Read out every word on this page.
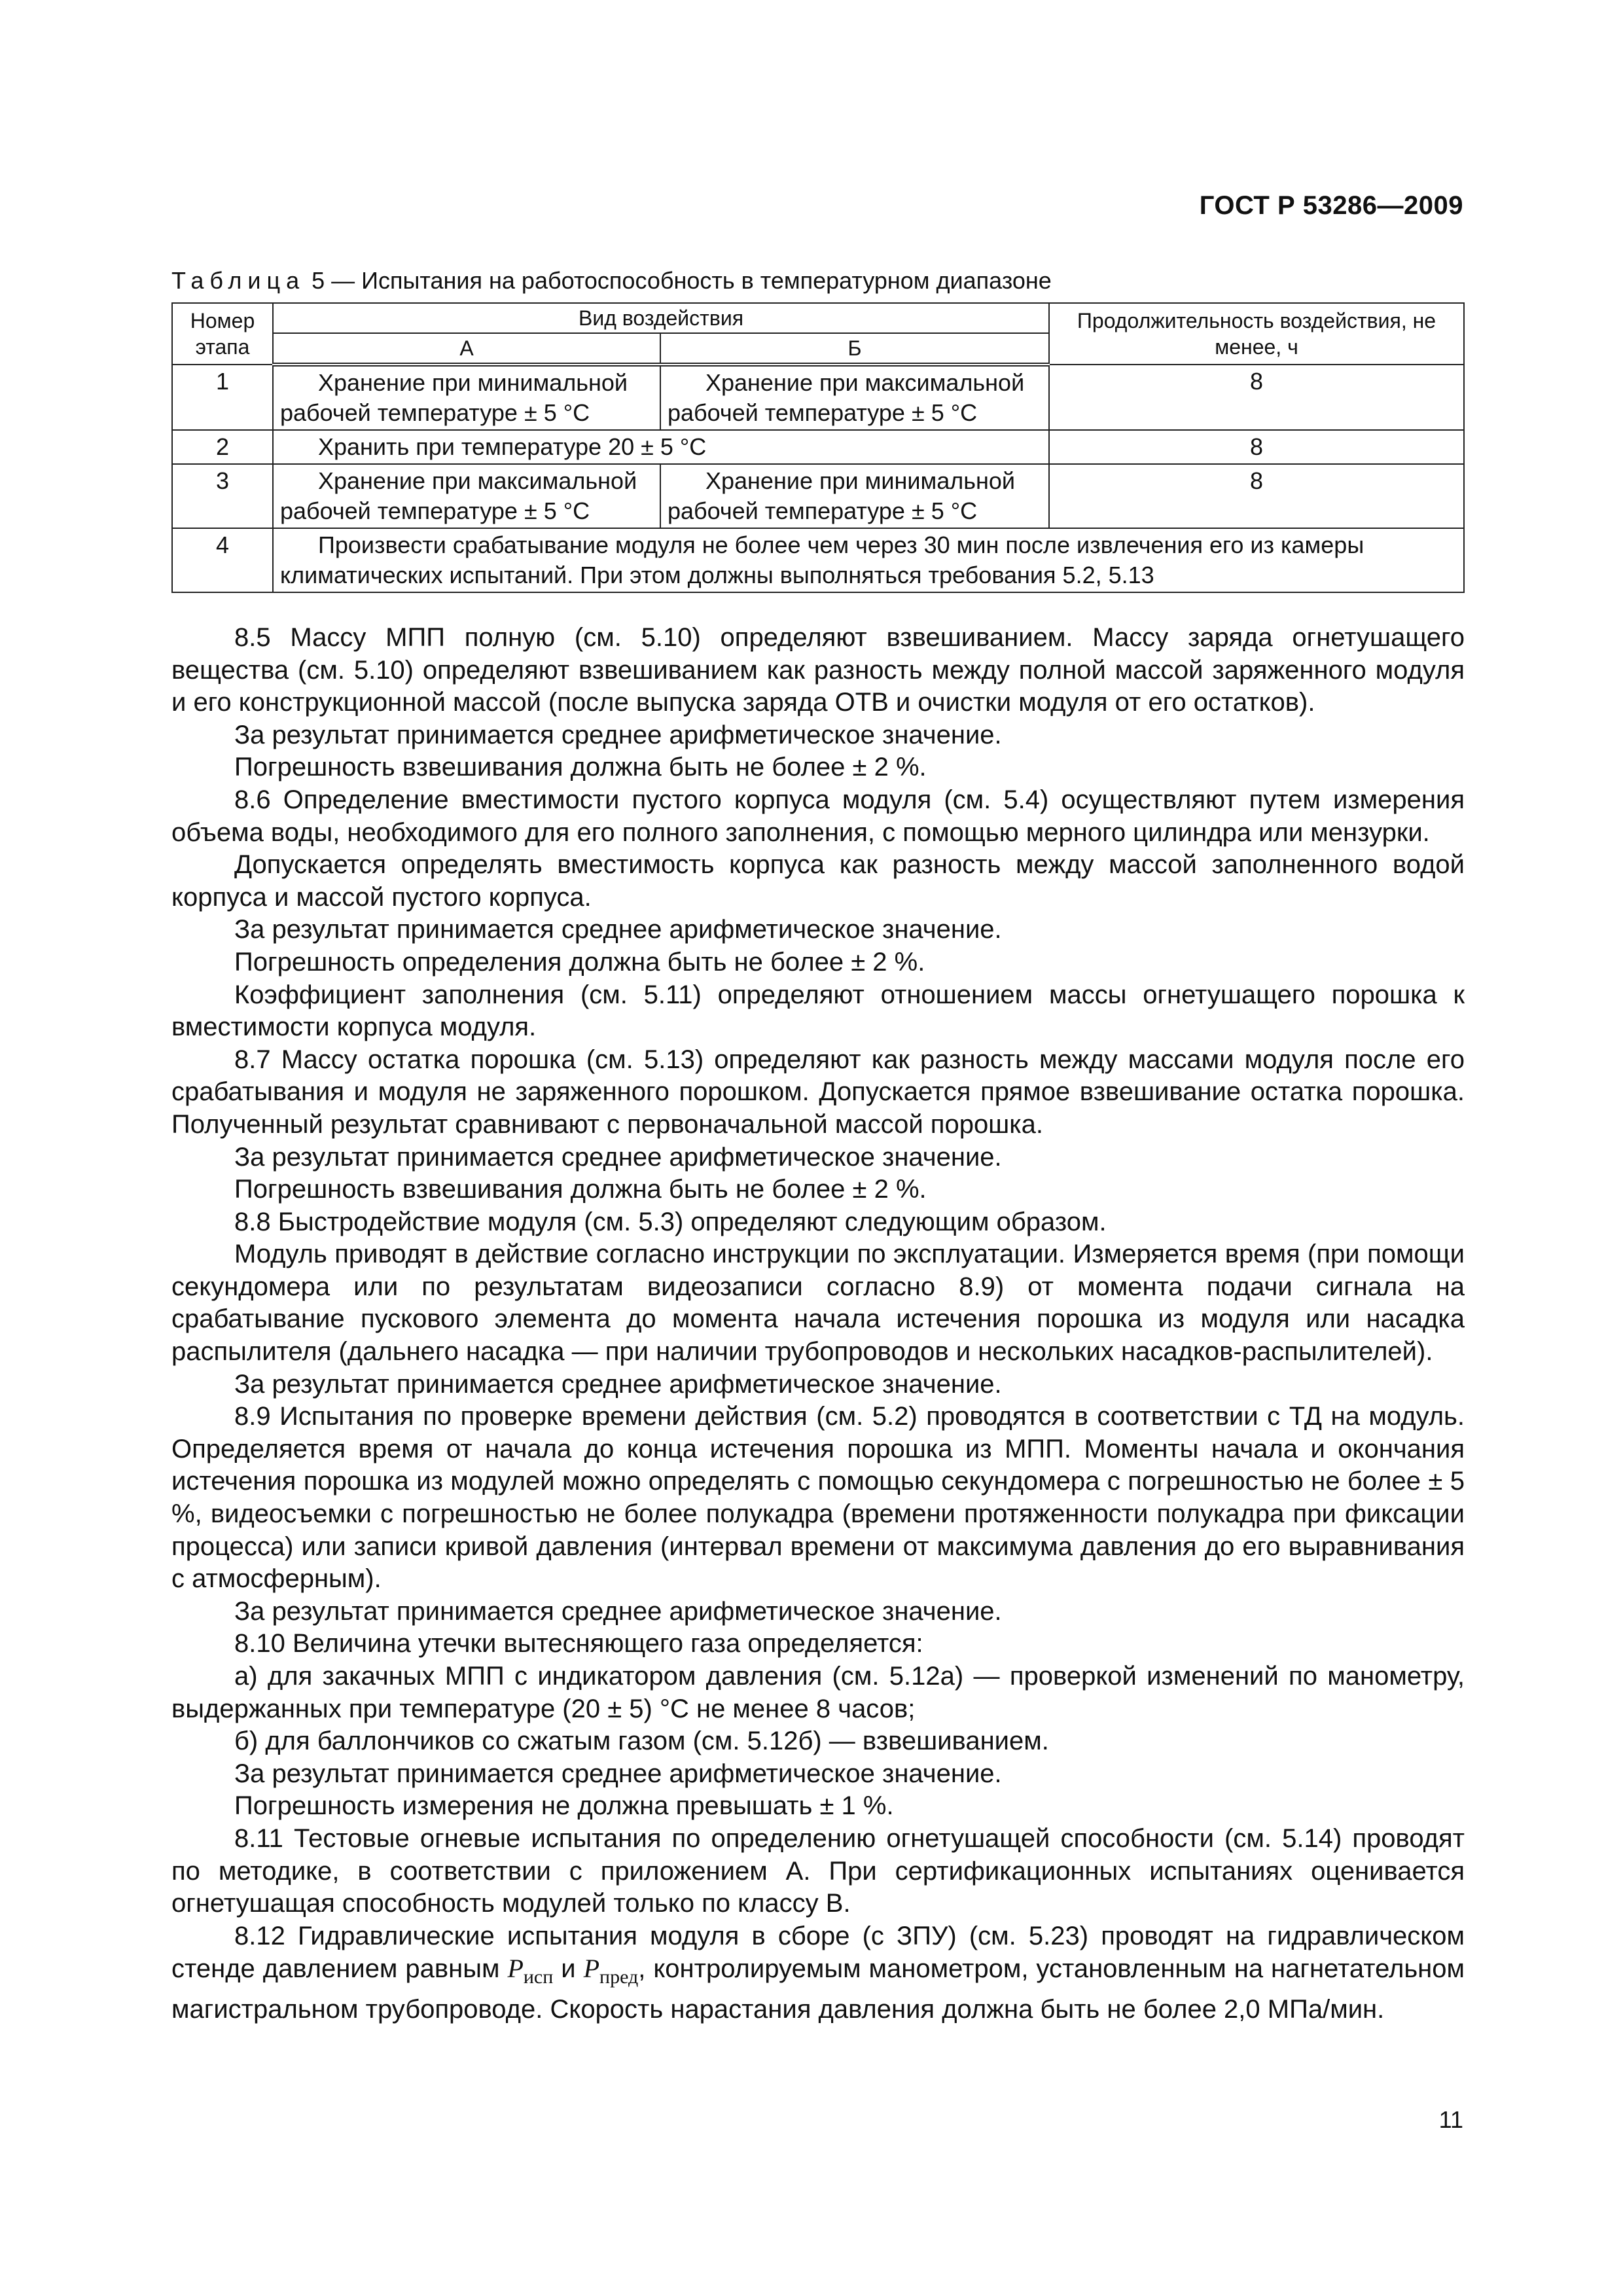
ГОСТ Р 53286—2009
Таблица 5 — Испытания на работоспособность в температурном диапазоне
Номер этапа	Вид воздействия		Продолжительность воздействия, не менее, ч
	А	Б	
1	Хранение при минимальной рабочей температуре ± 5 °С	Хранение при максимальной рабочей температуре ± 5 °С	8
2	Хранить при температуре 20 ± 5 °С		8
3	Хранение при максимальной рабочей температуре ± 5 °С	Хранение при минимальной рабочей температуре ± 5 °С	8
4	Произвести срабатывание модуля не более чем через 30 мин после извлечения его из камеры климатических испытаний. При этом должны выполняться требования 5.2, 5.13		

8.5 Массу МПП полную (см. 5.10) определяют взвешиванием. Массу заряда огнетушащего вещества (см. 5.10) определяют взвешиванием как разность между полной массой заряженного модуля и его конструкционной массой (после выпуска заряда ОТВ и очистки модуля от его остатков).

За результат принимается среднее арифметическое значение.

Погрешность взвешивания должна быть не более ± 2 %.

8.6 Определение вместимости пустого корпуса модуля (см. 5.4) осуществляют путем измерения объема воды, необходимого для его полного заполнения, с помощью мерного цилиндра или мензурки.

Допускается определять вместимость корпуса как разность между массой заполненного водой корпуса и массой пустого корпуса.

За результат принимается среднее арифметическое значение.

Погрешность определения должна быть не более ± 2 %.

Коэффициент заполнения (см. 5.11) определяют отношением массы огнетушащего порошка к вместимости корпуса модуля.

8.7 Массу остатка порошка (см. 5.13) определяют как разность между массами модуля после его срабатывания и модуля не заряженного порошком. Допускается прямое взвешивание остатка порошка. Полученный результат сравнивают с первоначальной массой порошка.

За результат принимается среднее арифметическое значение.

Погрешность взвешивания должна быть не более ± 2 %.

8.8 Быстродействие модуля (см. 5.3) определяют следующим образом.

Модуль приводят в действие согласно инструкции по эксплуатации. Измеряется время (при помощи секундомера или по результатам видеозаписи согласно 8.9) от момента подачи сигнала на срабатывание пускового элемента до момента начала истечения порошка из модуля или насадка распылителя (дальнего насадка — при наличии трубопроводов и нескольких насадков-распылителей).

За результат принимается среднее арифметическое значение.

8.9 Испытания по проверке времени действия (см. 5.2) проводятся в соответствии с ТД на модуль. Определяется время от начала до конца истечения порошка из МПП. Моменты начала и окончания истечения порошка из модулей можно определять с помощью секундомера с погрешностью не более ± 5 %, видеосъемки с погрешностью не более полукадра (времени протяженности полукадра при фиксации процесса) или записи кривой давления (интервал времени от максимума давления до его выравнивания с атмосферным).

За результат принимается среднее арифметическое значение.

8.10 Величина утечки вытесняющего газа определяется:

а) для закачных МПП с индикатором давления (см. 5.12а) — проверкой изменений по манометру, выдержанных при температуре (20 ± 5) °С не менее 8 часов;

б) для баллончиков со сжатым газом (см. 5.12б) — взвешиванием.

За результат принимается среднее арифметическое значение.

Погрешность измерения не должна превышать ± 1 %.

8.11 Тестовые огневые испытания по определению огнетушащей способности (см. 5.14) проводят по методике, в соответствии с приложением А. При сертификационных испытаниях оценивается огнетушащая способность модулей только по классу В.

8.12 Гидравлические испытания модуля в сборе (с ЗПУ) (см. 5.23) проводят на гидравлическом стенде давлением равным $P_{исп}$ и $P_{пред}$, контролируемым манометром, установленным на нагнетательном магистральном трубопроводе. Скорость нарастания давления должна быть не более 2,0 МПа/мин.

11
